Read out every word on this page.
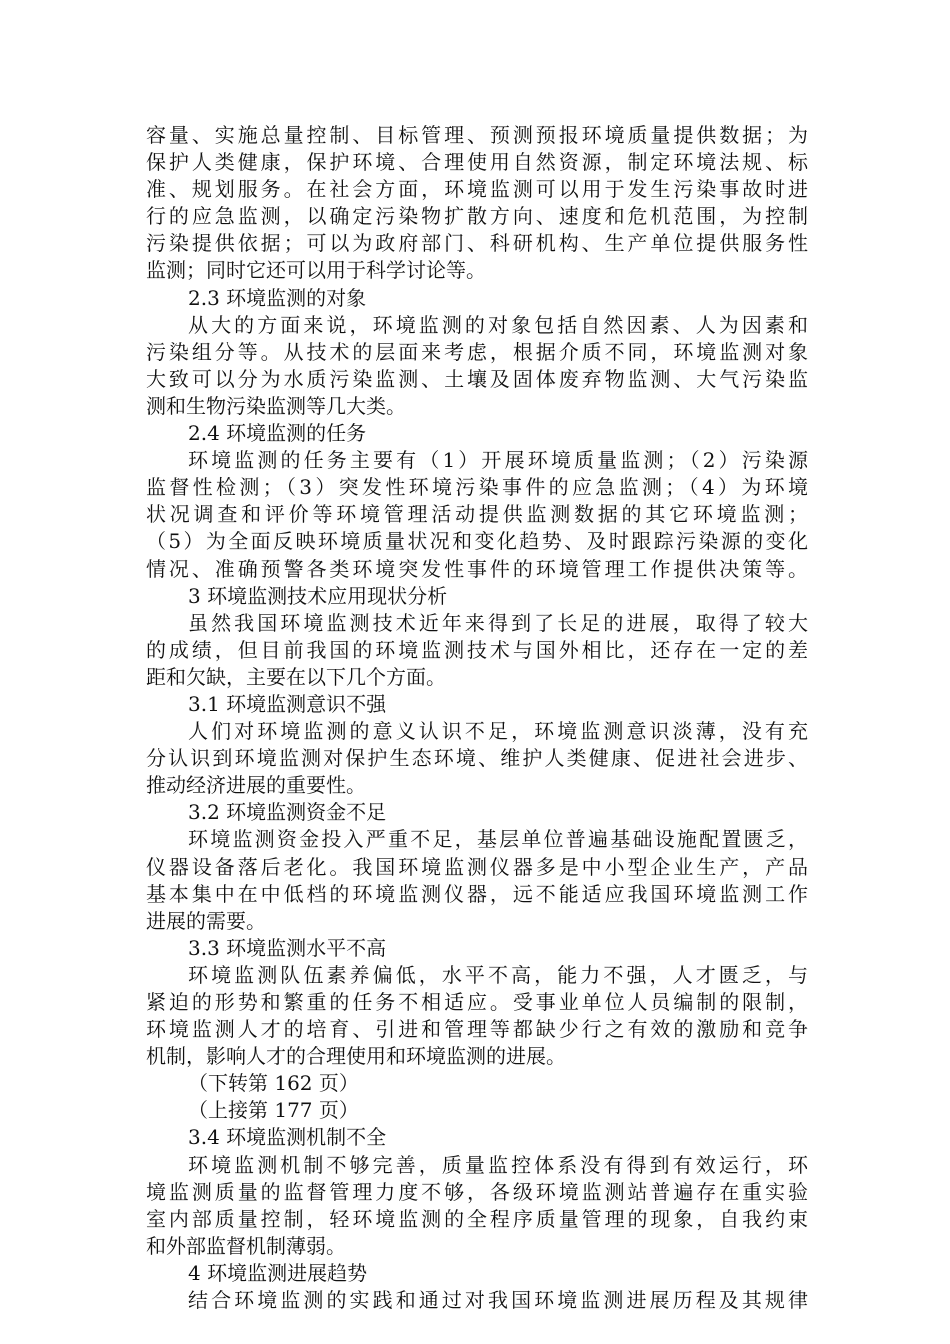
容量、实施总量控制、目标管理、预测预报环境质量提供数据；为
保护人类健康，保护环境、合理使用自然资源，制定环境法规、标
准、规划服务。在社会方面，环境监测可以用于发生污染事故时进
行的应急监测，以确定污染物扩散方向、速度和危机范围，为控制
污染提供依据；可以为政府部门、科研机构、生产单位提供服务性
监测；同时它还可以用于科学讨论等。
2.3 环境监测的对象
从大的方面来说，环境监测的对象包括自然因素、人为因素和
污染组分等。从技术的层面来考虑，根据介质不同，环境监测对象
大致可以分为水质污染监测、土壤及固体废弃物监测、大气污染监
测和生物污染监测等几大类。
2.4 环境监测的任务
环境监测的任务主要有（1）开展环境质量监测；（2）污染源
监督性检测；（3）突发性环境污染事件的应急监测；（4）为环境
状况调查和评价等环境管理活动提供监测数据的其它环境监测；
（5）为全面反映环境质量状况和变化趋势、及时跟踪污染源的变化
情况、准确预警各类环境突发性事件的环境管理工作提供决策等。
3 环境监测技术应用现状分析
虽然我国环境监测技术近年来得到了长足的进展，取得了较大
的成绩，但目前我国的环境监测技术与国外相比，还存在一定的差
距和欠缺，主要在以下几个方面。
3.1 环境监测意识不强
人们对环境监测的意义认识不足，环境监测意识淡薄，没有充
分认识到环境监测对保护生态环境、维护人类健康、促进社会进步、
推动经济进展的重要性。
3.2 环境监测资金不足
环境监测资金投入严重不足，基层单位普遍基础设施配置匮乏，
仪器设备落后老化。我国环境监测仪器多是中小型企业生产，产品
基本集中在中低档的环境监测仪器，远不能适应我国环境监测工作
进展的需要。
3.3 环境监测水平不高
环境监测队伍素养偏低，水平不高，能力不强，人才匮乏，与
紧迫的形势和繁重的任务不相适应。受事业单位人员编制的限制，
环境监测人才的培育、引进和管理等都缺少行之有效的激励和竞争
机制，影响人才的合理使用和环境监测的进展。
（下转第 162 页）
（上接第 177 页）
3.4 环境监测机制不全
环境监测机制不够完善，质量监控体系没有得到有效运行，环
境监测质量的监督管理力度不够，各级环境监测站普遍存在重实验
室内部质量控制，轻环境监测的全程序质量管理的现象，自我约束
和外部监督机制薄弱。
4 环境监测进展趋势
结合环境监测的实践和通过对我国环境监测进展历程及其规律
